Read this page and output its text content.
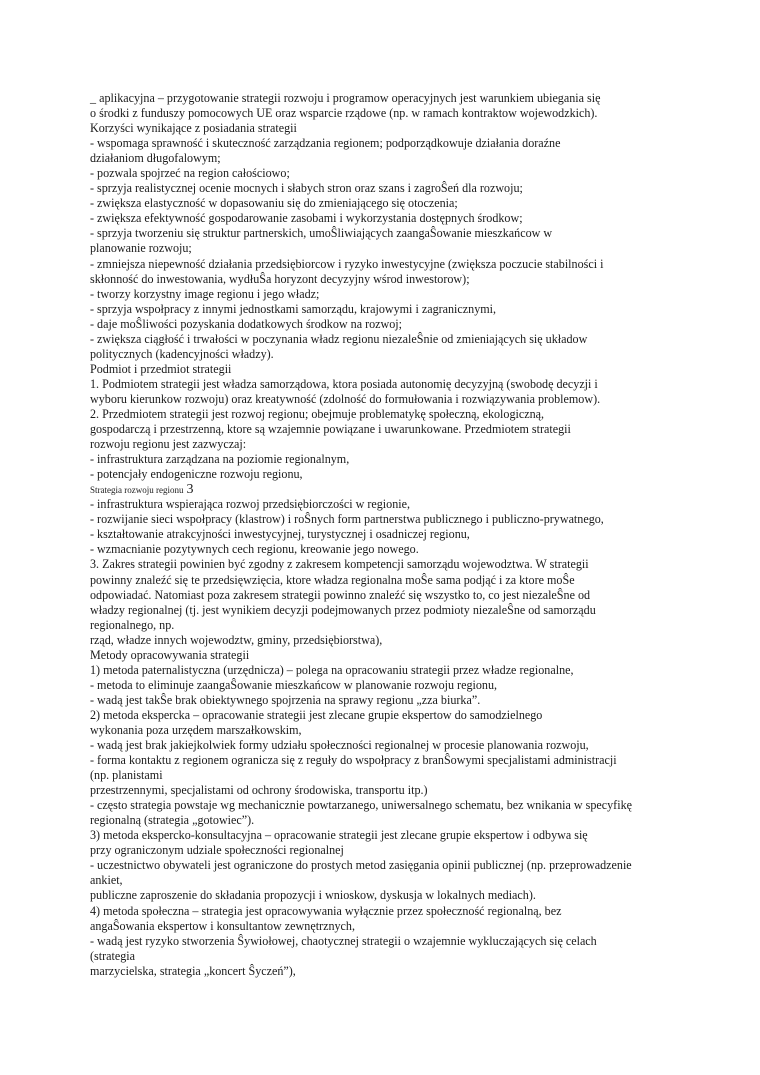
_ aplikacyjna – przygotowanie strategii rozwoju i programow operacyjnych jest warunkiem ubiegania się
o środki z funduszy pomocowych UE oraz wsparcie rządowe (np. w ramach kontraktow wojewodzkich).
Korzyści wynikające z posiadania strategii
- wspomaga sprawność i skuteczność zarządzania regionem; podporządkowuje działania doraźne
działaniom długofalowym;
- pozwala spojrzeć na region całościowo;
- sprzyja realistycznej ocenie mocnych i słabych stron oraz szans i zagroŜeń dla rozwoju;
- zwiększa elastyczność w dopasowaniu się do zmieniającego się otoczenia;
- zwiększa efektywność gospodarowanie zasobami i wykorzystania dostępnych środkow;
- sprzyja tworzeniu się struktur partnerskich, umoŜliwiających zaangaŜowanie mieszkańcow w
planowanie rozwoju;
- zmniejsza niepewność działania przedsiębiorcow i ryzyko inwestycyjne (zwiększa poczucie stabilności i
skłonność do inwestowania, wydłuŜa horyzont decyzyjny wśrod inwestorow);
- tworzy korzystny image regionu i jego władz;
- sprzyja wspołpracy z innymi jednostkami samorządu, krajowymi i zagranicznymi,
- daje moŜliwości pozyskania dodatkowych środkow na rozwoj;
- zwiększa ciągłość i trwałości w poczynania władz regionu niezaleŜnie od zmieniających się układow
politycznych (kadencyjności władzy).
Podmiot i przedmiot strategii
1. Podmiotem strategii jest władza samorządowa, ktora posiada autonomię decyzyjną (swobodę decyzji i
wyboru kierunkow rozwoju) oraz kreatywność (zdolność do formułowania i rozwiązywania problemow).
2. Przedmiotem strategii jest rozwoj regionu; obejmuje problematykę społeczną, ekologiczną,
gospodarczą i przestrzenną, ktore są wzajemnie powiązane i uwarunkowane. Przedmiotem strategii
rozwoju regionu jest zazwyczaj:
- infrastruktura zarządzana na poziomie regionalnym,
- potencjały endogeniczne rozwoju regionu,
Strategia rozwoju regionu 3
- infrastruktura wspierająca rozwoj przedsiębiorczości w regionie,
- rozwijanie sieci wspołpracy (klastrow) i roŜnych form partnerstwa publicznego i publiczno-prywatnego,
- kształtowanie atrakcyjności inwestycyjnej, turystycznej i osadniczej regionu,
- wzmacnianie pozytywnych cech regionu, kreowanie jego nowego.
3. Zakres strategii powinien być zgodny z zakresem kompetencji samorządu wojewodztwa. W strategii
powinny znaleźć się te przedsięwzięcia, ktore władza regionalna moŜe sama podjąć i za ktore moŜe
odpowiadać. Natomiast poza zakresem strategii powinno znaleźć się wszystko to, co jest niezaleŜne od
władzy regionalnej (tj. jest wynikiem decyzji podejmowanych przez podmioty niezaleŜne od samorządu
regionalnego, np.
rząd, władze innych wojewodztw, gminy, przedsiębiorstwa),
Metody opracowywania strategii
1) metoda paternalistyczna (urzędnicza) – polega na opracowaniu strategii przez władze regionalne,
- metoda to eliminuje zaangaŜowanie mieszkańcow w planowanie rozwoju regionu,
- wadą jest takŜe brak obiektywnego spojrzenia na sprawy regionu „zza biurka”.
2) metoda ekspercka – opracowanie strategii jest zlecane grupie ekspertow do samodzielnego
wykonania poza urzędem marszałkowskim,
- wadą jest brak jakiejkolwiek formy udziału społeczności regionalnej w procesie planowania rozwoju,
- forma kontaktu z regionem ogranicza się z reguły do wspołpracy z branŜowymi specjalistami administracji
(np. planistami
przestrzennymi, specjalistami od ochrony środowiska, transportu itp.)
- często strategia powstaje wg mechanicznie powtarzanego, uniwersalnego schematu, bez wnikania w specyfikę
regionalną (strategia „gotowiec”).
3) metoda ekspercko-konsultacyjna – opracowanie strategii jest zlecane grupie ekspertow i odbywa się
przy ograniczonym udziale społeczności regionalnej
- uczestnictwo obywateli jest ograniczone do prostych metod zasięgania opinii publicznej (np. przeprowadzenie
ankiet,
publiczne zaproszenie do składania propozycji i wnioskow, dyskusja w lokalnych mediach).
4) metoda społeczna – strategia jest opracowywania wyłącznie przez społeczność regionalną, bez
angaŜowania ekspertow i konsultantow zewnętrznych,
- wadą jest ryzyko stworzenia Ŝywiołowej, chaotycznej strategii o wzajemnie wykluczających się celach
(strategia
marzycielska, strategia „koncert Ŝyczeń”),
